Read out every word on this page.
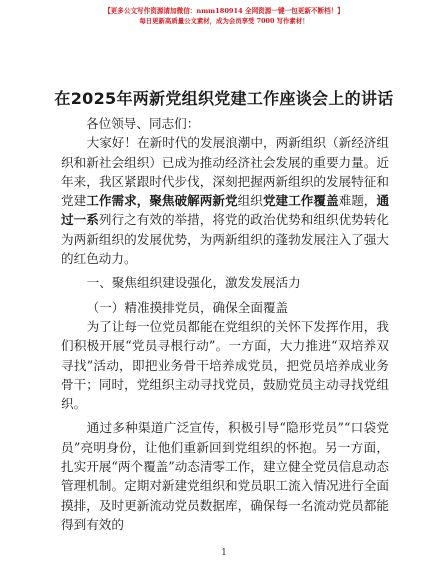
【更多公文写作资源请加微信：nmm180914 全网资源一键一包更新不断档！】
每日更新高质量公文素材，成为会员享受 7000 写作素材！
在2025年两新党组织党建工作座谈会上的讲话

各位领导、同志们：

大家好！在新时代的发展浪潮中，两新组织（新经济组织和新社会组织）已成为推动经济社会发展的重要力量。近年来，我区紧跟时代步伐，深刻把握两新组织的发展特征和党建工作需求，聚焦破解两新党组织党建工作覆盖难题，通过一系列行之有效的举措，将党的政治优势和组织优势转化为两新组织的发展优势，为两新组织的蓬勃发展注入了强大的红色动力。

一、聚焦组织建设强化，激发发展活力

（一）精准摸排党员，确保全面覆盖

为了让每一位党员都能在党组织的关怀下发挥作用，我们积极开展“党员寻根行动”。一方面，大力推进“双培养双寻找”活动，即把业务骨干培养成党员，把党员培养成业务骨干；同时，党组织主动寻找党员，鼓励党员主动寻找党组织。

通过多种渠道广泛宣传，积极引导“隐形党员”“口袋党员”亮明身份，让他们重新回到党组织的怀抱。另一方面，扎实开展“两个覆盖”动态清零工作，建立健全党员信息动态管理机制。定期对新建党组织和党员职工流入情况进行全面摸排，及时更新流动党员数据库，确保每一名流动党员都能得到有效的

1
